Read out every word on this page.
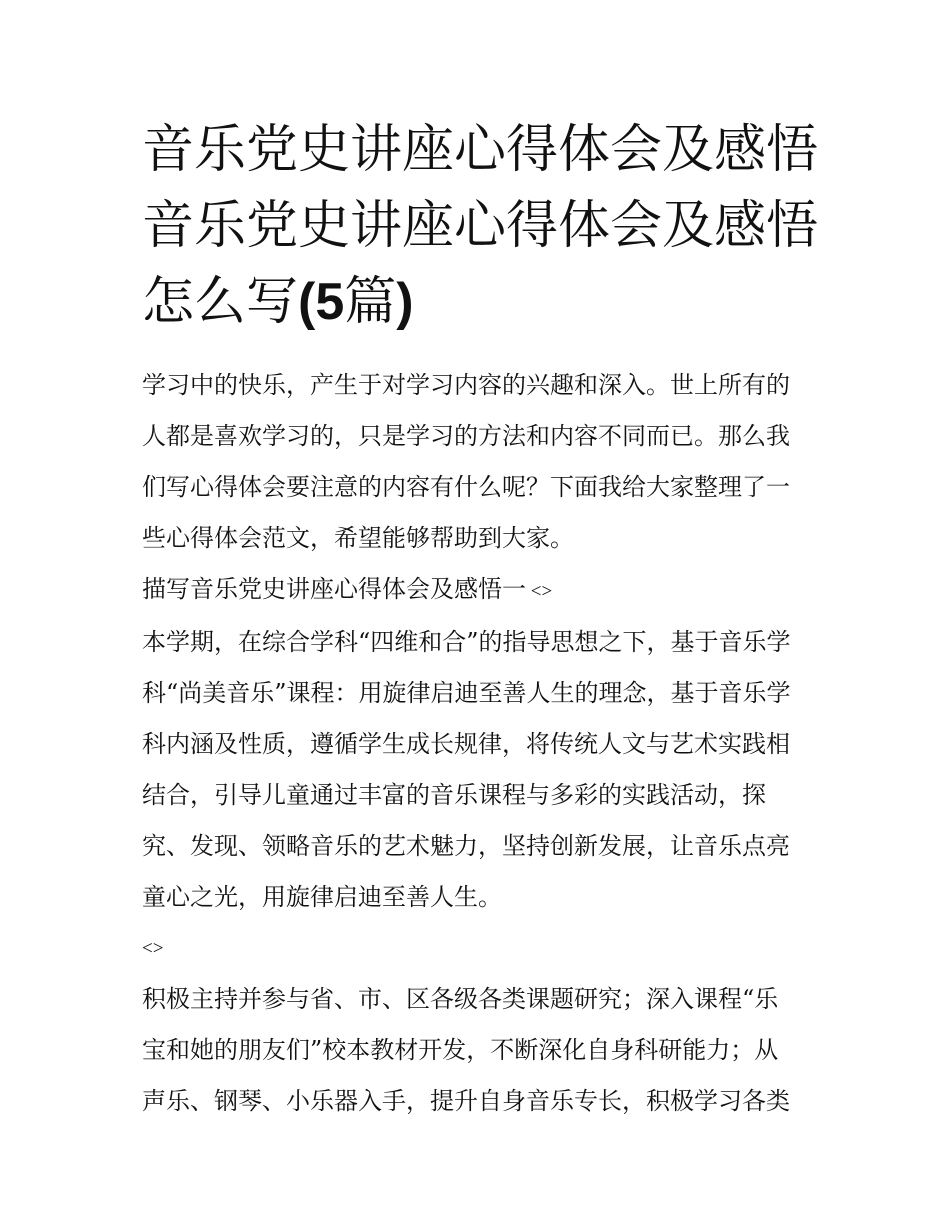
音乐党史讲座心得体会及感悟
音乐党史讲座心得体会及感悟
怎么写(5篇)

学习中的快乐，产生于对学习内容的兴趣和深入。世上所有的
人都是喜欢学习的，只是学习的方法和内容不同而已。那么我
们写心得体会要注意的内容有什么呢？下面我给大家整理了一
些心得体会范文，希望能够帮助到大家。

描写音乐党史讲座心得体会及感悟一 <>

本学期，在综合学科“四维和合”的指导思想之下，基于音乐学
科“尚美音乐”课程：用旋律启迪至善人生的理念，基于音乐学
科内涵及性质，遵循学生成长规律，将传统人文与艺术实践相
结合，引导儿童通过丰富的音乐课程与多彩的实践活动，探
究、发现、领略音乐的艺术魅力，坚持创新发展，让音乐点亮
童心之光，用旋律启迪至善人生。

<>

积极主持并参与省、市、区各级各类课题研究；深入课程“乐
宝和她的朋友们”校本教材开发，不断深化自身科研能力；从
声乐、钢琴、小乐器入手，提升自身音乐专长，积极学习各类
